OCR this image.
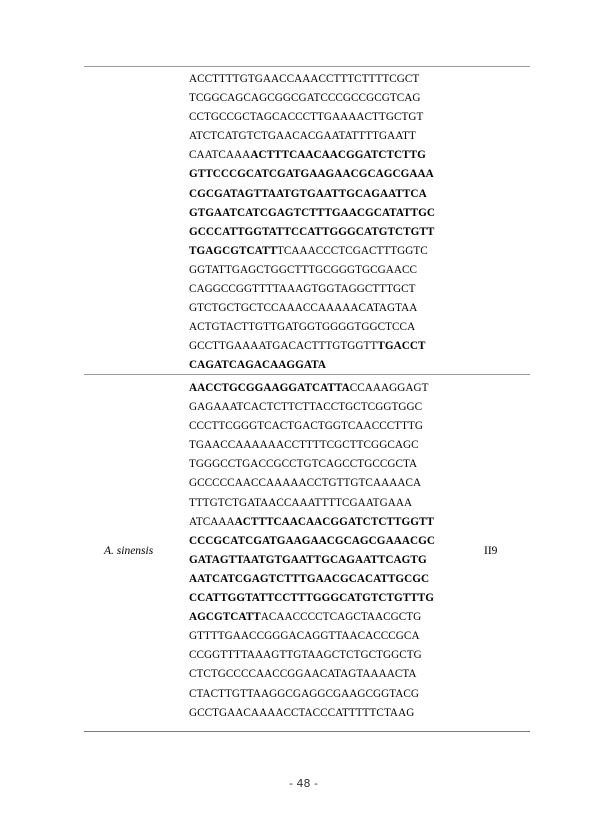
ACCTTTTGTGAACCAAACCTTTCTTTTCGCT
TCGGCAGCAGCGGCGATCCCGCCGCGTCAG
CCTGCCGCTAGCACCCTTGAAAACTTGCTGT
ATCTCATGTCTGAACACGAATATTTTGAATT
CAATCAAAACTTTCAACAACGGATCTCTTG
GTTCCCGCATCGATGAAGAACGCAGCGAAA
CGCGATAGTTAATGTGAATTGCAGAATTCA
GTGAATCATCGAGTCTTTGAACGCATATTGC
GCCCATTGGTATTCCATTGGGCATGTCTGTT
TGAGCGTCATTTCAAACCCTCGACTTTGGTC
GGTATTGAGCTGGCTTTGCGGGTGCGAACC
CAGGCCGGTTTTAAAGTGGTAGGCTTTGCT
GTCTGCTGCTCCAAACCAAAAACATAGTAA
ACTGTACTTGTTGATGGTGGGGTGGCTCCA
GCCTTGAAAATGACACTTTGTGGTTTGACCT
CAGATCAGACAAGGATA
AACCTGCGGAAGGATCATTACCAAAGGAGT
GAGAAATCACTCTTCTTACCTGCTCGGTGGC
CCCTTCGGGTCACTGACTGGTCAACCCTTTG
TGAACCAAAAAACCTTTTCGCTTCGGCAGC
TGGGCCTGACCGCCTGTCAGCCTGCCGCTA
GCCCCCAACCAAAAACCTGTTGTCAAAACA
TTTGTCTGATAACCAAATTTTCGAATGAAA
ATCAAAACTTTCAACAACGGATCTCTTGGTT
CCCGCATCGATGAAGAACGCAGCGAAACGC
GATAGTTAATGTGAATTGCAGAATTCAGTG
AATCATCGAGTCTTTGAACGCACATTGCGC
CCATTGGTATTCCTTTGGGCATGTCTGTTTG
AGCGTCATTACAACCCCTCAGCTAACGCTG
GTTTTGAACCGGGACAGGTTAACACCCGCA
CCGGTTTTAAAGTTGTAAGCTCTGCTGGCTG
CTCTGCCCCAACCGGAACATAGTAAAACTA
CTACTTGTTAAGGCGAGGCGAAGCGGTACG
GCCTGAACAAAACCTACCCATTTTTCTAAG
A. sinensis	II9
- 48 -
